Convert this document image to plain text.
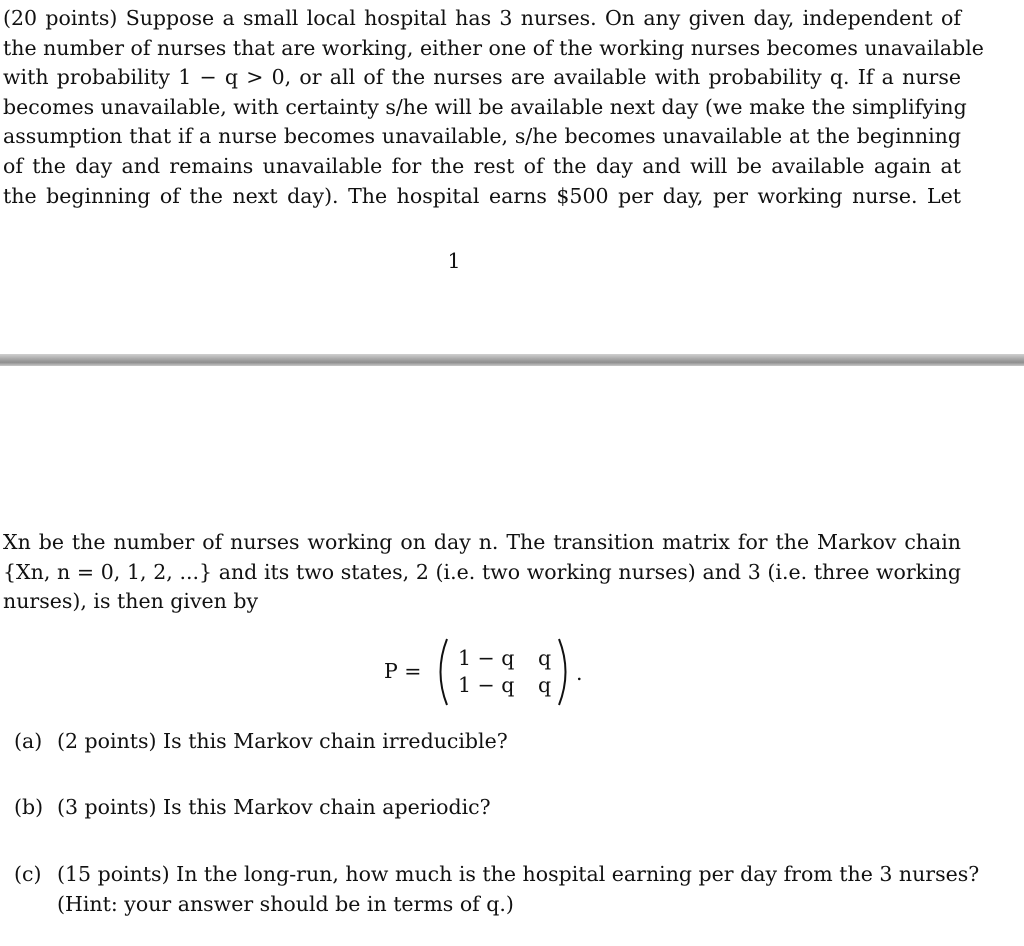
(20 points) Suppose a small local hospital has 3 nurses. On any given day, independent of
the number of nurses that are working, either one of the working nurses becomes unavailable
with probability 1 − q > 0, or all of the nurses are available with probability q. If a nurse
becomes unavailable, with certainty s/he will be available next day (we make the simplifying
assumption that if a nurse becomes unavailable, s/he becomes unavailable at the beginning
of the day and remains unavailable for the rest of the day and will be available again at
the beginning of the next day). The hospital earns $500 per day, per working nurse. Let
1
Xn be the number of nurses working on day n. The transition matrix for the Markov chain
{Xn, n = 0, 1, 2, ...} and its two states, 2 (i.e. two working nurses) and 3 (i.e. three working
nurses), is then given by
P =
1 − q q
1 − q q .
(a) (2 points) Is this Markov chain irreducible?
(b) (3 points) Is this Markov chain aperiodic?
(c) (15 points) In the long-run, how much is the hospital earning per day from the 3 nurses?
(Hint: your answer should be in terms of q.)
